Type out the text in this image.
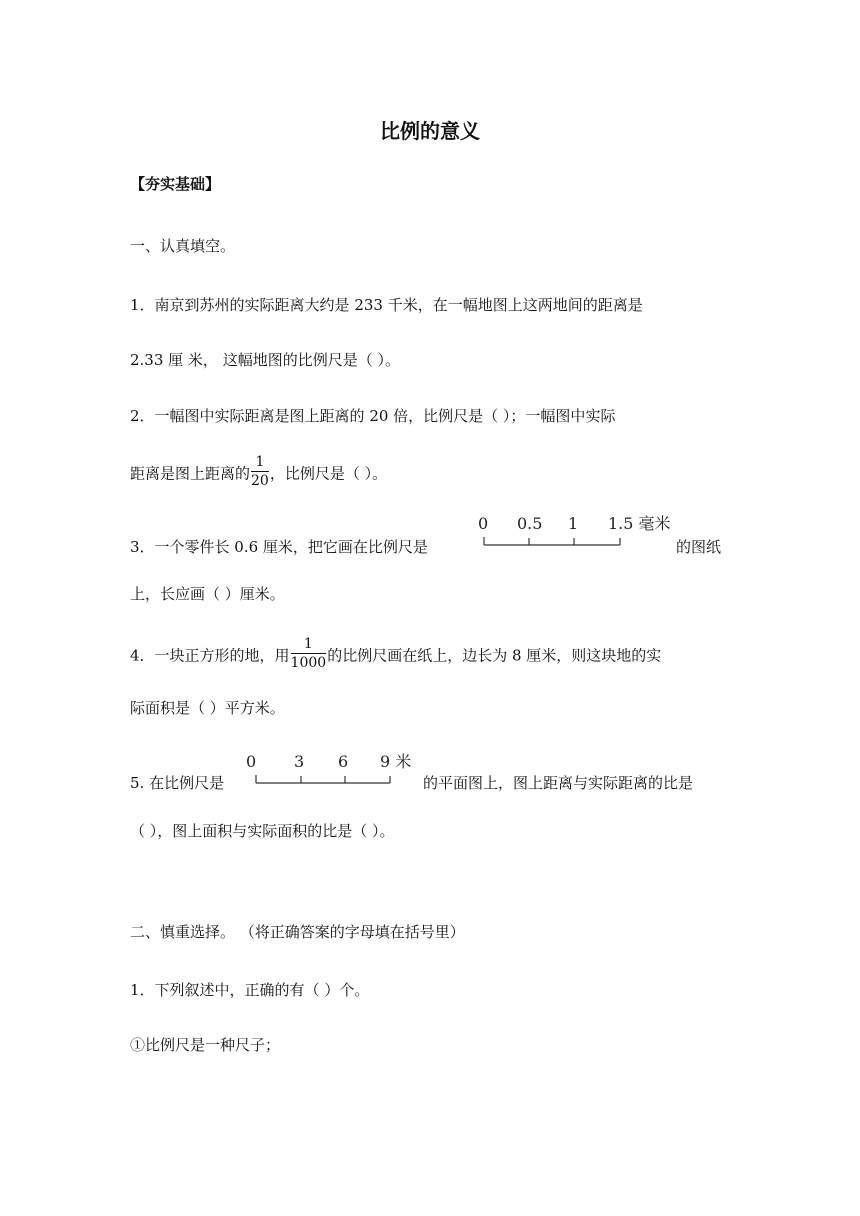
比例的意义
【夯实基础】
一、认真填空。
1．南京到苏州的实际距离大约是 233 千米，在一幅地图上这两地间的距离是
2.33 厘 米， 这幅地图的比例尺是（ ）。
2．一幅图中实际距离是图上距离的 20 倍，比例尺是（ ）；一幅图中实际
距离是图上距离的 $\frac{1}{20}$ ，比例尺是（ ）。
3．一个零件长 0.6 厘米，把它画在比例尺是
0 0.5 1 1.5 毫米
的图纸
上，长应画（ ）厘米。
4．一块正方形的地，用 $\frac{1}{1000}$ 的比例尺画在纸上，边长为 8 厘米，则这块地的实
际面积是（ ）平方米。
5. 在比例尺是
0 3 6 9 米
的平面图上，图上距离与实际距离的比是
（ ），图上面积与实际面积的比是（ ）。
二、慎重选择。 （将正确答案的字母填在括号里）
1．下列叙述中，正确的有（ ）个。
①比例尺是一种尺子；
